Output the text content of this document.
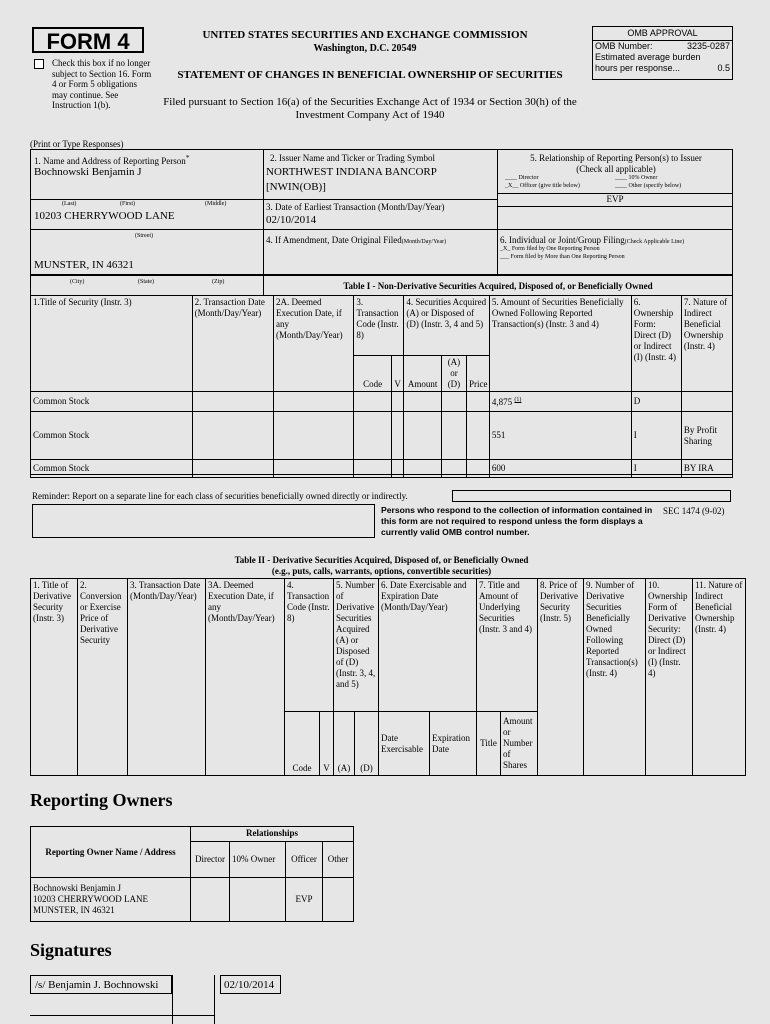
FORM 4
Check this box if no longer subject to Section 16. Form 4 or Form 5 obligations may continue. See Instruction 1(b).
UNITED STATES SECURITIES AND EXCHANGE COMMISSION
Washington, D.C. 20549
STATEMENT OF CHANGES IN BENEFICIAL OWNERSHIP OF SECURITIES
Filed pursuant to Section 16(a) of the Securities Exchange Act of 1934 or Section 30(h) of the Investment Company Act of 1940
OMB APPROVAL
OMB Number:	3235-0287
Estimated average burden
hours per response...	0.5
(Print or Type Responses)
1. Name and Address of Reporting Person*
Bochnowski Benjamin J
(Last)	(First)	(Middle)
10203 CHERRYWOOD LANE
(Street)
MUNSTER, IN 46321
2. Issuer Name and Ticker or Trading Symbol
NORTHWEST INDIANA BANCORP
[NWIN(OB)]
3. Date of Earliest Transaction (Month/Day/Year)
02/10/2014
4. If Amendment, Date Original Filed(Month/Day/Year)
5. Relationship of Reporting Person(s) to Issuer
(Check all applicable)
____ Director	____ 10% Owner
_X__ Officer (give title below)	____ Other (specify below)
EVP
6. Individual or Joint/Group Filing(Check Applicable Line)
_X_ Form filed by One Reporting Person
___ Form filed by More than One Reporting Person
(City)	(State)	(Zip)	Table I - Non-Derivative Securities Acquired, Disposed of, or Beneficially Owned
1.Title of Security (Instr. 3)	2. Transaction Date (Month/Day/Year)	2A. Deemed Execution Date, if any (Month/Day/Year)	3. Transaction Code (Instr. 8)		4. Securities Acquired (A) or Disposed of (D) (Instr. 3, 4 and 5)			5. Amount of Securities Beneficially Owned Following Reported Transaction(s) (Instr. 3 and 4)	6. Ownership Form: Direct (D) or Indirect (I) (Instr. 4)	7. Nature of Indirect Beneficial Ownership (Instr. 4)
			Code	V	Amount	(A) or (D)	Price			
Common Stock								4,875 $^{(1)}$	D	
Common Stock								551	I	By Profit Sharing
Common Stock								600	I	BY IRA
Reminder: Report on a separate line for each class of securities beneficially owned directly or indirectly.
Persons who respond to the collection of information contained in this form are not required to respond unless the form displays a currently valid OMB control number.
SEC 1474 (9-02)
Table II - Derivative Securities Acquired, Disposed of, or Beneficially Owned
(e.g., puts, calls, warrants, options, convertible securities)
1. Title of Derivative Security (Instr. 3)	2. Conversion or Exercise Price of Derivative Security	3. Transaction Date (Month/Day/Year)	3A. Deemed Execution Date, if any (Month/Day/Year)	4. Transaction Code (Instr. 8)		5. Number of Derivative Securities Acquired (A) or Disposed of (D) (Instr. 3, 4, and 5)		6. Date Exercisable and Expiration Date (Month/Day/Year)		7. Title and Amount of Underlying Securities (Instr. 3 and 4)		8. Price of Derivative Security (Instr. 5)	9. Number of Derivative Securities Beneficially Owned Following Reported Transaction(s) (Instr. 4)	10. Ownership Form of Derivative Security: Direct (D) or Indirect (I) (Instr. 4)	11. Nature of Indirect Beneficial Ownership (Instr. 4)
				Code	V	(A)	(D)	Date Exercisable	Expiration Date	Title	Amount or Number of Shares				
Reporting Owners
Reporting Owner Name / Address	Relationships			
	Director	10% Owner	Officer	Other

Bochnowski Benjamin J
10203 CHERRYWOOD LANE
MUNSTER, IN 46321			EVP	
Signatures
/s/ Benjamin J. Bochnowski	02/10/2014
